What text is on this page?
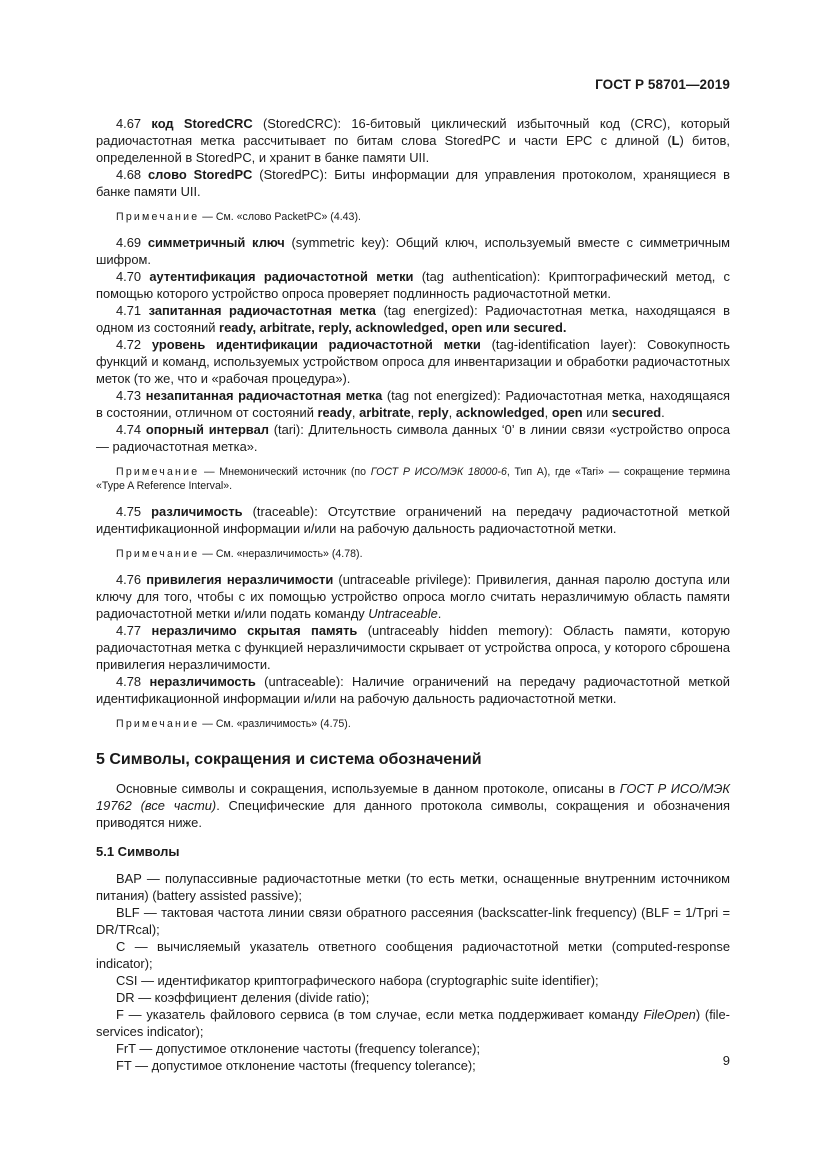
ГОСТ Р 58701—2019

4.67 код StoredCRC (StoredCRC): 16-битовый циклический избыточный код (CRC), который радиочастотная метка рассчитывает по битам слова StoredPC и части ЕРС с длиной (L) битов, определенной в StoredPC, и хранит в банке памяти UII.

4.68 слово StoredPC (StoredPC): Биты информации для управления протоколом, хранящиеся в банке памяти UII.

Примечание — См. «слово PacketPC» (4.43).

4.69 симметричный ключ (symmetric key): Общий ключ, используемый вместе с симметричным шифром.

4.70 аутентификация радиочастотной метки (tag authentication): Криптографический метод, с помощью которого устройство опроса проверяет подлинность радиочастотной метки.

4.71 запитанная радиочастотная метка (tag energized): Радиочастотная метка, находящаяся в одном из состояний ready, arbitrate, reply, acknowledged, open или secured.

4.72 уровень идентификации радиочастотной метки (tag-identification layer): Совокупность функций и команд, используемых устройством опроса для инвентаризации и обработки радиочастотных меток (то же, что и «рабочая процедура»).

4.73 незапитанная радиочастотная метка (tag not energized): Радиочастотная метка, находящаяся в состоянии, отличном от состояний ready, arbitrate, reply, acknowledged, open или secured.

4.74 опорный интервал (tari): Длительность символа данных ‘0’ в линии связи «устройство опроса — радиочастотная метка».

Примечание — Мнемонический источник (по ГОСТ Р ИСО/МЭК 18000-6, Тип А), где «Tari» — сокращение термина «Type A Reference Interval».

4.75 различимость (traceable): Отсутствие ограничений на передачу радиочастотной меткой идентификационной информации и/или на рабочую дальность радиочастотной метки.

Примечание — См. «неразличимость» (4.78).

4.76 привилегия неразличимости (untraceable privilege): Привилегия, данная паролю доступа или ключу для того, чтобы с их помощью устройство опроса могло считать неразличимую область памяти радиочастотной метки и/или подать команду Untraceable.

4.77 неразличимо скрытая память (untraceably hidden memory): Область памяти, которую радиочастотная метка с функцией неразличимости скрывает от устройства опроса, у которого сброшена привилегия неразличимости.

4.78 неразличимость (untraceable): Наличие ограничений на передачу радиочастотной меткой идентификационной информации и/или на рабочую дальность радиочастотной метки.

Примечание — См. «различимость» (4.75).

5 Символы, сокращения и система обозначений

Основные символы и сокращения, используемые в данном протоколе, описаны в ГОСТ Р ИСО/МЭК 19762 (все части). Специфические для данного протокола символы, сокращения и обозначения приводятся ниже.

5.1 Символы

BAP — полупассивные радиочастотные метки (то есть метки, оснащенные внутренним источником питания) (battery assisted passive);

BLF — тактовая частота линии связи обратного рассеяния (backscatter-link frequency) (BLF = 1/Tpri = DR/TRcal);

C — вычисляемый указатель ответного сообщения радиочастотной метки (computed-response indicator);

CSI — идентификатор криптографического набора (cryptographic suite identifier);

DR — коэффициент деления (divide ratio);

F — указатель файлового сервиса (в том случае, если метка поддерживает команду FileOpen) (file-services indicator);

FrT — допустимое отклонение частоты (frequency tolerance);

FT — допустимое отклонение частоты (frequency tolerance);	9
